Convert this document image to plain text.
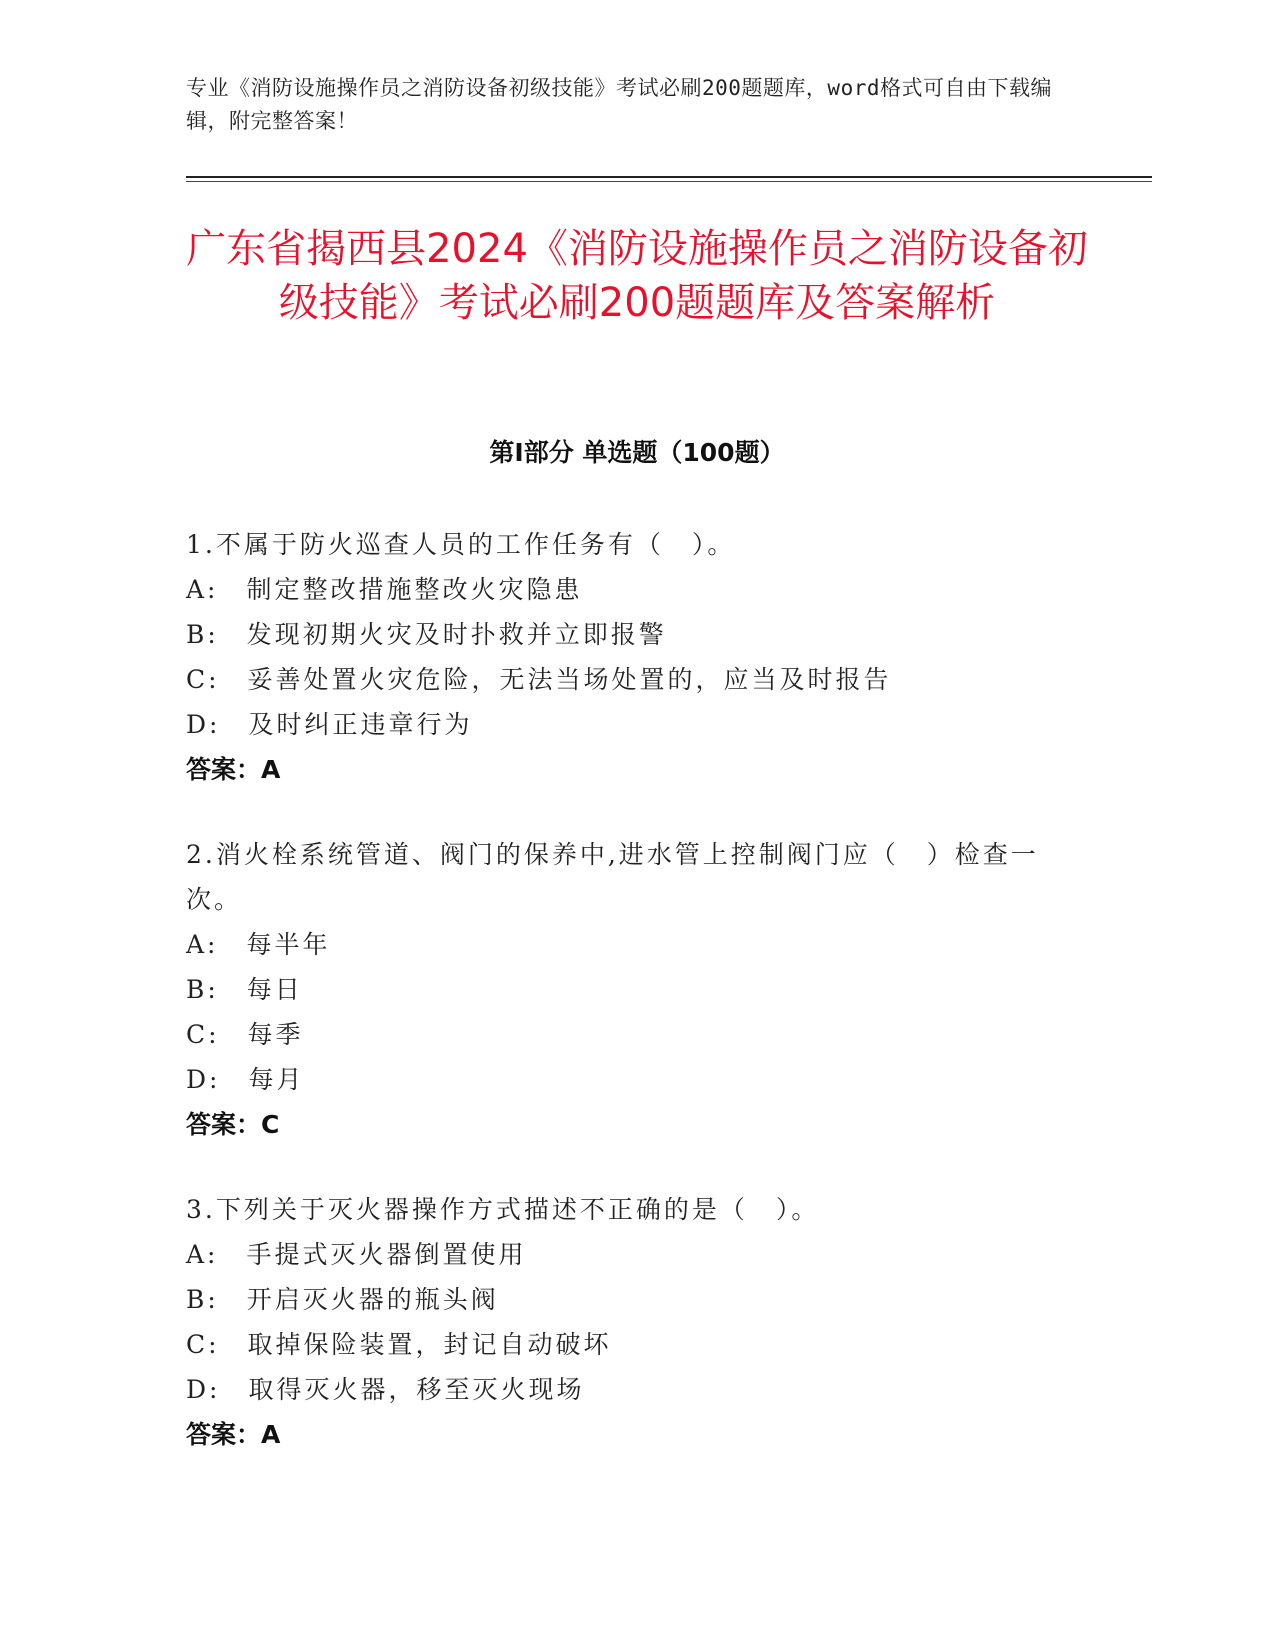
专业《消防设施操作员之消防设备初级技能》考试必刷200题题库，word格式可自由下载编辑，附完整答案！
广东省揭西县2024《消防设施操作员之消防设备初级技能》考试必刷200题题库及答案解析
第Ⅰ部分 单选题（100题）
1.不属于防火巡查人员的工作任务有（　）。
A:　制定整改措施整改火灾隐患
B:　发现初期火灾及时扑救并立即报警
C:　妥善处置火灾危险，无法当场处置的，应当及时报告
D:　及时纠正违章行为
答案：A
2.消火栓系统管道、阀门的保养中,进水管上控制阀门应（　）检查一次。
A:　每半年
B:　每日
C:　每季
D:　每月
答案：C
3.下列关于灭火器操作方式描述不正确的是（　）。
A:　手提式灭火器倒置使用
B:　开启灭火器的瓶头阀
C:　取掉保险装置，封记自动破坏
D:　取得灭火器，移至灭火现场
答案：A
